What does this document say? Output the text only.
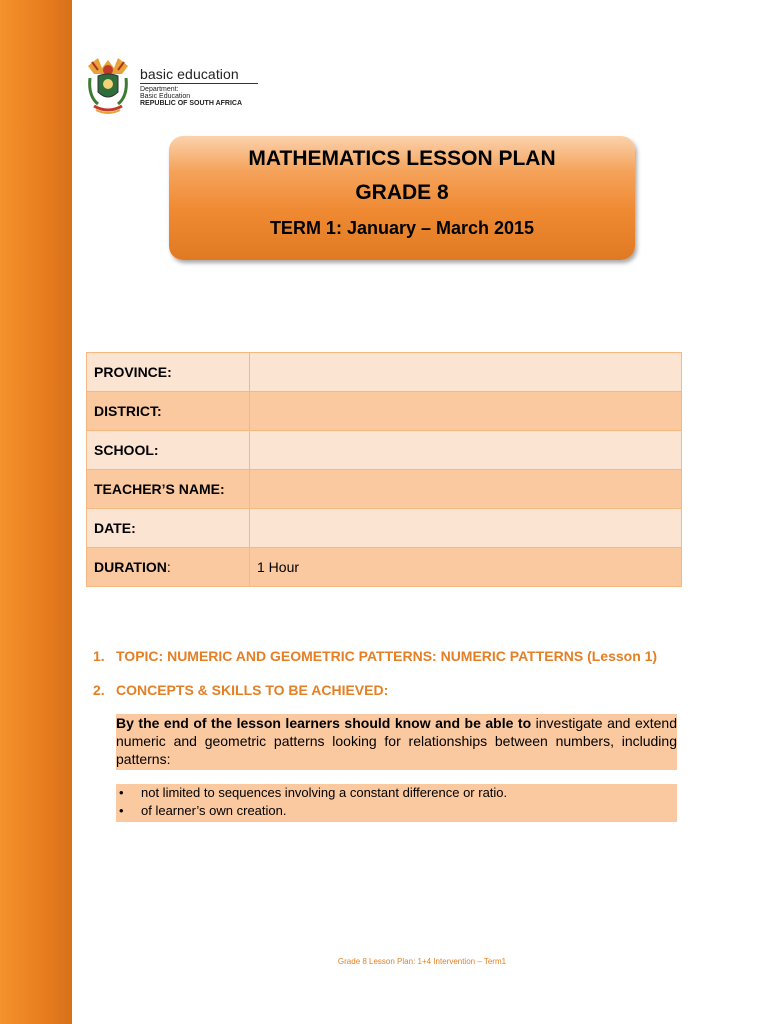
basic education
Department:
Basic Education
REPUBLIC OF SOUTH AFRICA
MATHEMATICS LESSON PLAN
GRADE 8
TERM 1: January – March 2015
PROVINCE:	
DISTRICT:	
SCHOOL:	
TEACHER’S NAME:	
DATE:	
DURATION:	1 Hour
1. TOPIC: NUMERIC AND GEOMETRIC PATTERNS: NUMERIC PATTERNS (Lesson 1)
2. CONCEPTS & SKILLS TO BE ACHIEVED:
By the end of the lesson learners should know and be able to investigate and extend numeric and geometric patterns looking for relationships between numbers, including patterns:
•	not limited to sequences involving a constant difference or ratio.
•	of learner’s own creation.
Grade 8 Lesson Plan: 1+4 Intervention – Term1
